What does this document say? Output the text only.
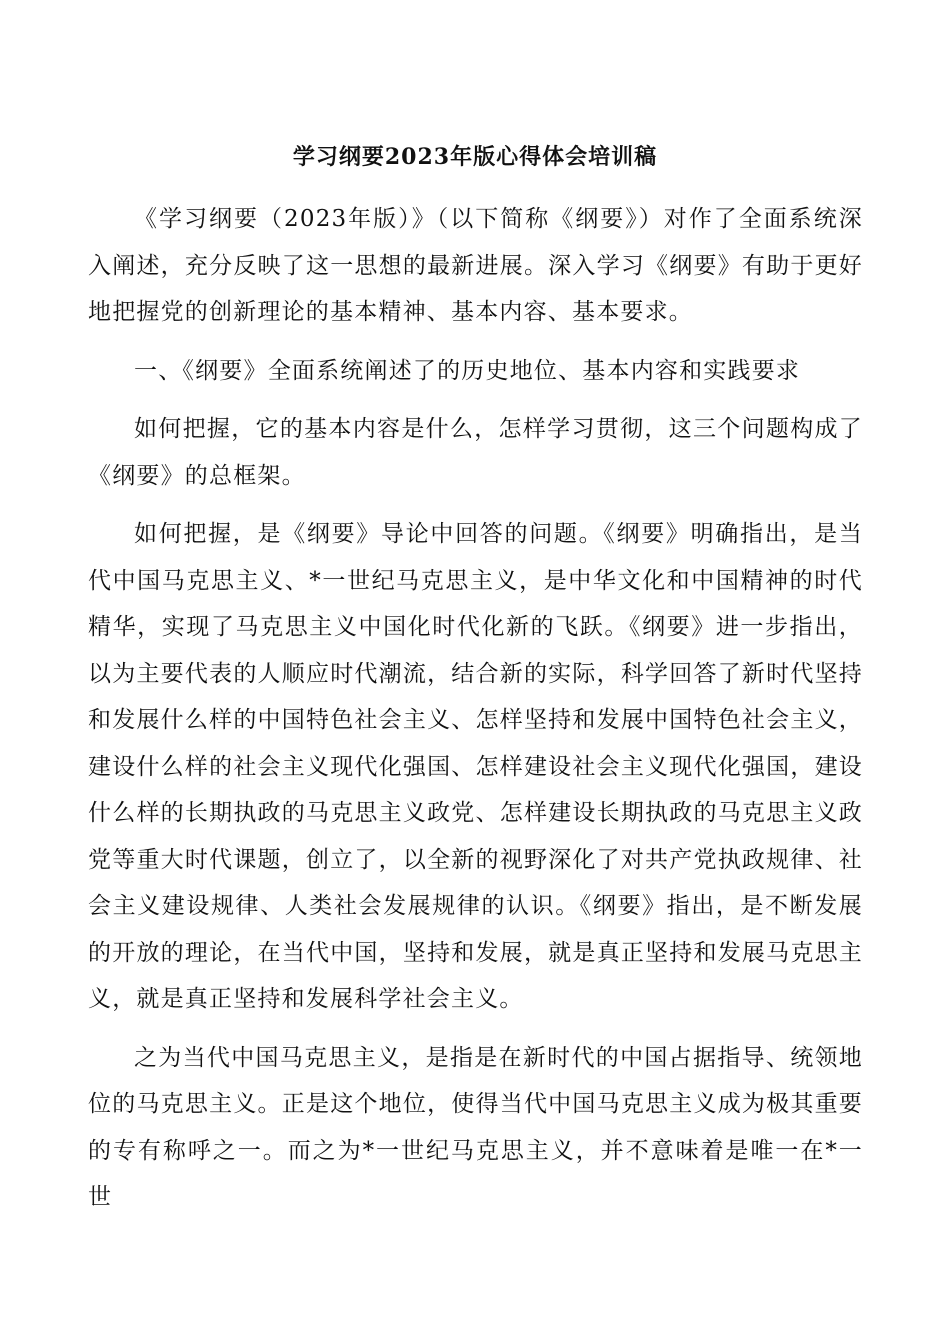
学习纲要2023年版心得体会培训稿

《学习纲要（2023年版）》（以下简称《纲要》）对作了全面系统深入阐述，充分反映了这一思想的最新进展。深入学习《纲要》有助于更好地把握党的创新理论的基本精神、基本内容、基本要求。

一、《纲要》全面系统阐述了的历史地位、基本内容和实践要求

如何把握，它的基本内容是什么，怎样学习贯彻，这三个问题构成了《纲要》的总框架。

如何把握，是《纲要》导论中回答的问题。《纲要》明确指出，是当代中国马克思主义、*一世纪马克思主义，是中华文化和中国精神的时代精华，实现了马克思主义中国化时代化新的飞跃。《纲要》进一步指出，以为主要代表的人顺应时代潮流，结合新的实际，科学回答了新时代坚持和发展什么样的中国特色社会主义、怎样坚持和发展中国特色社会主义，建设什么样的社会主义现代化强国、怎样建设社会主义现代化强国，建设什么样的长期执政的马克思主义政党、怎样建设长期执政的马克思主义政党等重大时代课题，创立了，以全新的视野深化了对共产党执政规律、社会主义建设规律、人类社会发展规律的认识。《纲要》指出，是不断发展的开放的理论，在当代中国，坚持和发展，就是真正坚持和发展马克思主义，就是真正坚持和发展科学社会主义。

之为当代中国马克思主义，是指是在新时代的中国占据指导、统领地位的马克思主义。正是这个地位，使得当代中国马克思主义成为极其重要的专有称呼之一。而之为*一世纪马克思主义，并不意味着是唯一在*一世
